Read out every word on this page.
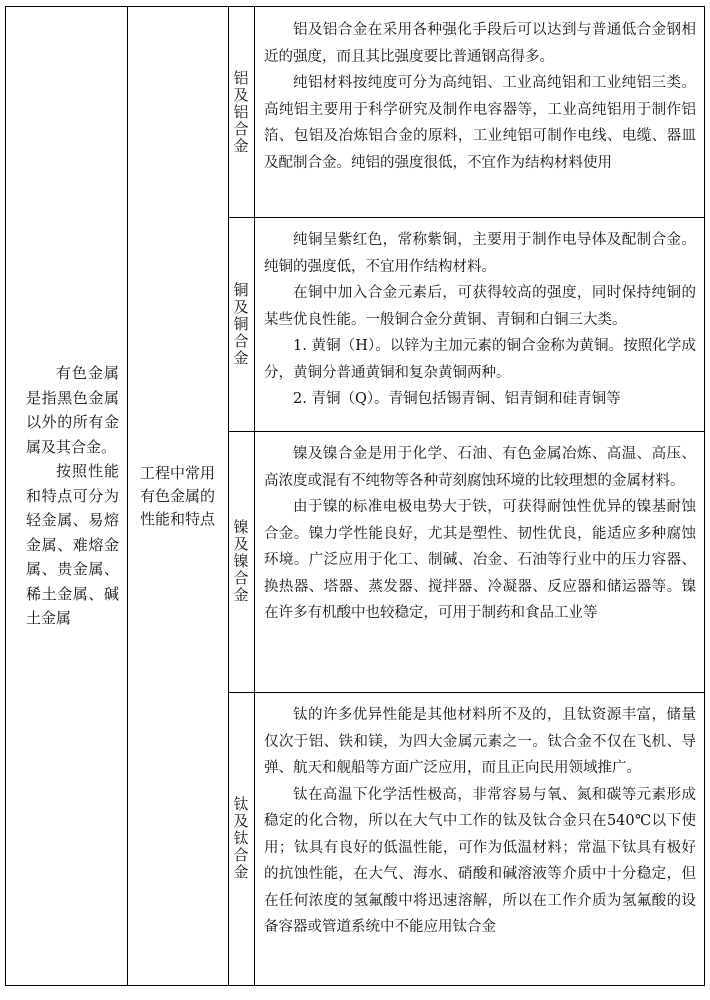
有色金属是指黑色金属以外的所有金属及其合金。

按照性能和特点可分为轻金属、易熔金属、难熔金属、贵金属、稀土金属、碱土金属

工程中常用有色金属的性能和特点
铝及铝合金

铝及铝合金在采用各种强化手段后可以达到与普通低合金钢相近的强度，而且其比强度要比普通钢高得多。

纯铝材料按纯度可分为高纯铝、工业高纯铝和工业纯铝三类。高纯铝主要用于科学研究及制作电容器等，工业高纯铝用于制作铝箔、包铝及冶炼铝合金的原料，工业纯铝可制作电线、电缆、器皿及配制合金。纯铝的强度很低，不宜作为结构材料使用

铜及铜合金

纯铜呈紫红色，常称紫铜，主要用于制作电导体及配制合金。纯铜的强度低，不宜用作结构材料。

在铜中加入合金元素后，可获得较高的强度，同时保持纯铜的某些优良性能。一般铜合金分黄铜、青铜和白铜三大类。

1. 黄铜（H）。以锌为主加元素的铜合金称为黄铜。按照化学成分，黄铜分普通黄铜和复杂黄铜两种。

2. 青铜（Q）。青铜包括锡青铜、铝青铜和硅青铜等

镍及镍合金

镍及镍合金是用于化学、石油、有色金属冶炼、高温、高压、高浓度或混有不纯物等各种苛刻腐蚀环境的比较理想的金属材料。

由于镍的标准电极电势大于铁，可获得耐蚀性优异的镍基耐蚀合金。镍力学性能良好，尤其是塑性、韧性优良，能适应多种腐蚀环境。广泛应用于化工、制碱、冶金、石油等行业中的压力容器、换热器、塔器、蒸发器、搅拌器、冷凝器、反应器和储运器等。镍在许多有机酸中也较稳定，可用于制药和食品工业等

钛及钛合金

钛的许多优异性能是其他材料所不及的，且钛资源丰富，储量仅次于铝、铁和镁，为四大金属元素之一。钛合金不仅在飞机、导弹、航天和舰船等方面广泛应用，而且正向民用领域推广。

钛在高温下化学活性极高，非常容易与氧、氮和碳等元素形成稳定的化合物，所以在大气中工作的钛及钛合金只在540℃以下使用；钛具有良好的低温性能，可作为低温材料；常温下钛具有极好的抗蚀性能，在大气、海水、硝酸和碱溶液等介质中十分稳定，但在任何浓度的氢氟酸中将迅速溶解，所以在工作介质为氢氟酸的设备容器或管道系统中不能应用钛合金
